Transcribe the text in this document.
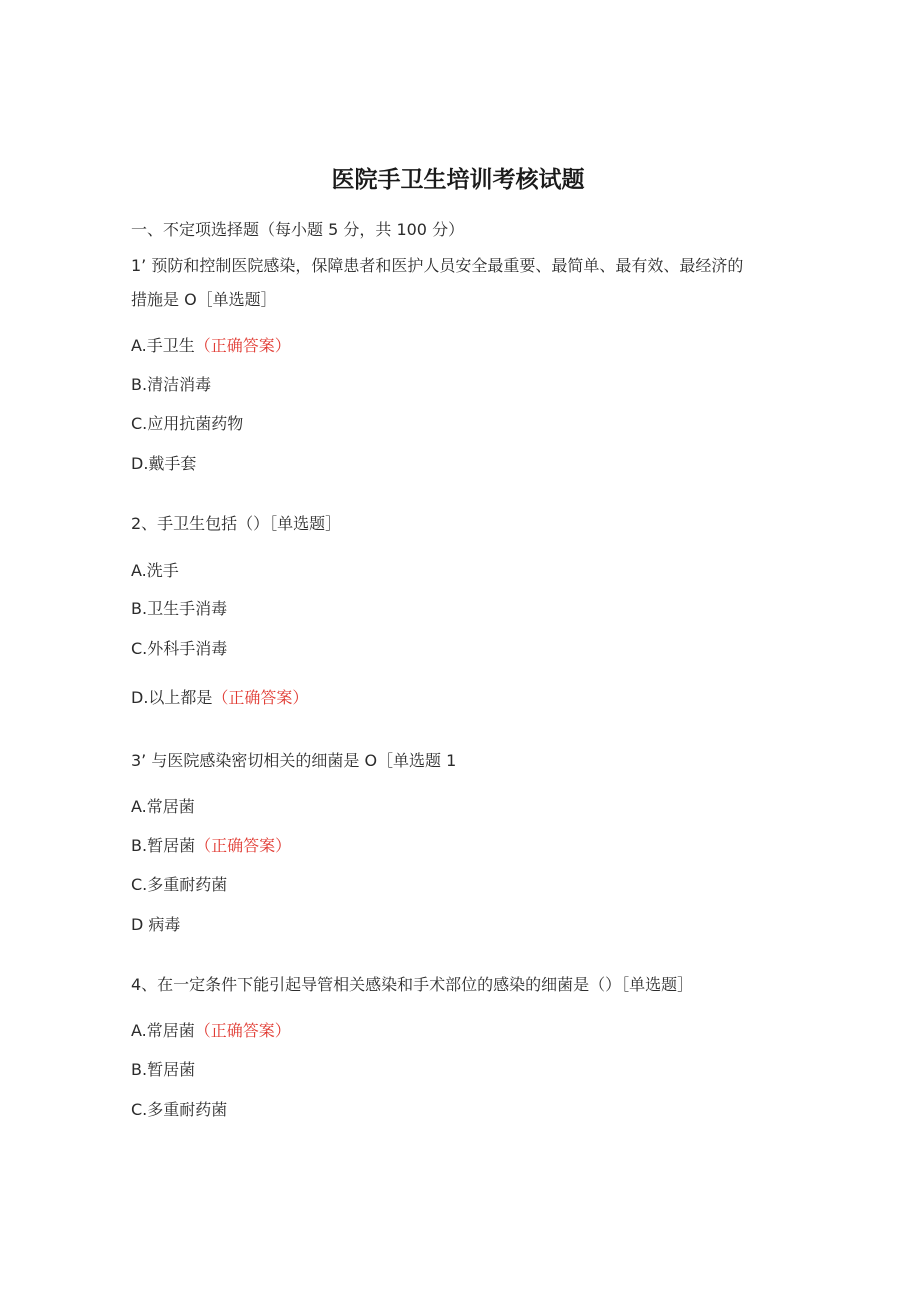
医院手卫生培训考核试题
一、不定项选择题（每小题 5 分，共 100 分）
1’ 预防和控制医院感染，保障患者和医护人员安全最重要、最简单、最有效、最经济的
措施是 O［单选题］
A.手卫生（正确答案）
B.清洁消毒
C.应用抗菌药物
D.戴手套
2、手卫生包括（）［单选题］
A.洗手
B.卫生手消毒
C.外科手消毒
D.以上都是（正确答案）
3’ 与医院感染密切相关的细菌是 O［单选题 1
A.常居菌
B.暂居菌（正确答案）
C.多重耐药菌
D 病毒
4、在一定条件下能引起导管相关感染和手术部位的感染的细菌是（）［单选题］
A.常居菌（正确答案）
B.暂居菌
C.多重耐药菌
